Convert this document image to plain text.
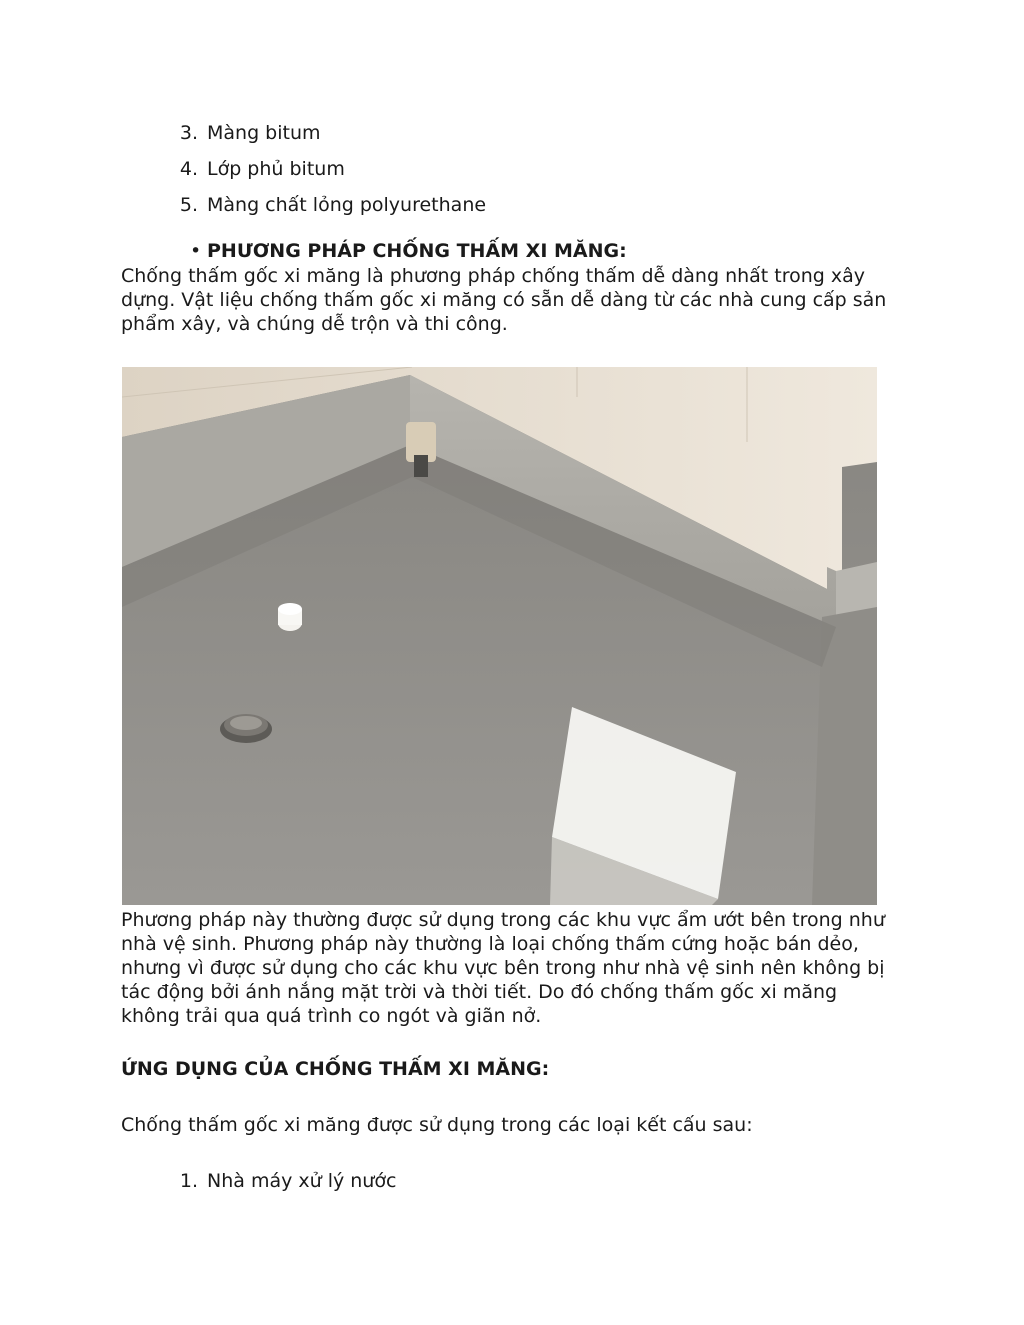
3. Màng bitum
4. Lớp phủ bitum
5. Màng chất lỏng polyurethane
• PHƯƠNG PHÁP CHỐNG THẤM XI MĂNG:
Chống thấm gốc xi măng là phương pháp chống thấm dễ dàng nhất trong xây
dựng. Vật liệu chống thấm gốc xi măng có sẵn dễ dàng từ các nhà cung cấp sản
phẩm xây, và chúng dễ trộn và thi công.
Phương pháp này thường được sử dụng trong các khu vực ẩm ướt bên trong như
nhà vệ sinh. Phương pháp này thường là loại chống thấm cứng hoặc bán dẻo,
nhưng vì được sử dụng cho các khu vực bên trong như nhà vệ sinh nên không bị
tác động bởi ánh nắng mặt trời và thời tiết. Do đó chống thấm gốc xi măng
không trải qua quá trình co ngót và giãn nở.
ỨNG DỤNG CỦA CHỐNG THẤM XI MĂNG:
Chống thấm gốc xi măng được sử dụng trong các loại kết cấu sau:
1. Nhà máy xử lý nước
